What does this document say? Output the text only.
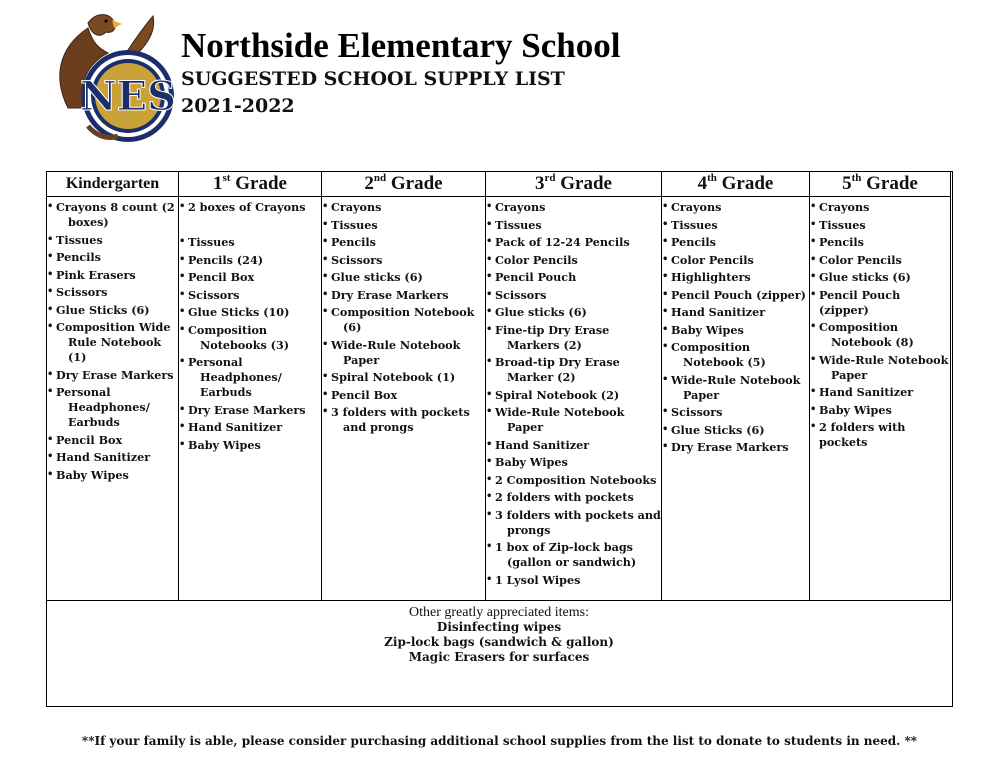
NES
Northside Elementary School
SUGGESTED SCHOOL SUPPLY LIST
2021-2022
Kindergarten
• Crayons 8 count (2
boxes)
• Tissues
• Pencils
• Pink Erasers
• Scissors
• Glue Sticks (6)
• Composition Wide
Rule Notebook (1)
• Dry Erase Markers
• Personal
Headphones/
Earbuds
• Pencil Box
• Hand Sanitizer
• Baby Wipes
1st Grade
• 2 boxes of Crayons

• Tissues
• Pencils (24)
• Pencil Box
• Scissors
• Glue Sticks (10)
• Composition
Notebooks (3)
• Personal
Headphones/
Earbuds
• Dry Erase Markers
• Hand Sanitizer
• Baby Wipes
2nd Grade
• Crayons
• Tissues
• Pencils
• Scissors
• Glue sticks (6)
• Dry Erase Markers
• Composition Notebook
(6)
• Wide-Rule Notebook
Paper
• Spiral Notebook (1)
• Pencil Box
• 3 folders with pockets
and prongs
3rd Grade
• Crayons
• Tissues
• Pack of 12-24 Pencils
• Color Pencils
• Pencil Pouch
• Scissors
• Glue sticks (6)
• Fine-tip Dry Erase
Markers (2)
• Broad-tip Dry Erase
Marker (2)
• Spiral Notebook (2)
• Wide-Rule Notebook
Paper
• Hand Sanitizer
• Baby Wipes
• 2 Composition Notebooks
• 2 folders with pockets
• 3 folders with pockets and
prongs
• 1 box of Zip-lock bags
(gallon or sandwich)
• 1 Lysol Wipes
4th Grade
• Crayons
• Tissues
• Pencils
• Color Pencils
• Highlighters
• Pencil Pouch (zipper)
• Hand Sanitizer
• Baby Wipes
• Composition
Notebook (5)
• Wide-Rule Notebook
Paper
• Scissors
• Glue Sticks (6)
• Dry Erase Markers
5th Grade
• Crayons
• Tissues
• Pencils
• Color Pencils
• Glue sticks (6)
• Pencil Pouch (zipper)
• Composition
Notebook (8)
• Wide-Rule Notebook
Paper
• Hand Sanitizer
• Baby Wipes
• 2 folders with pockets
Other greatly appreciated items:
Disinfecting wipes
Zip-lock bags (sandwich & gallon)
Magic Erasers for surfaces
**If your family is able, please consider purchasing additional school supplies from the list to donate to students in need. **
